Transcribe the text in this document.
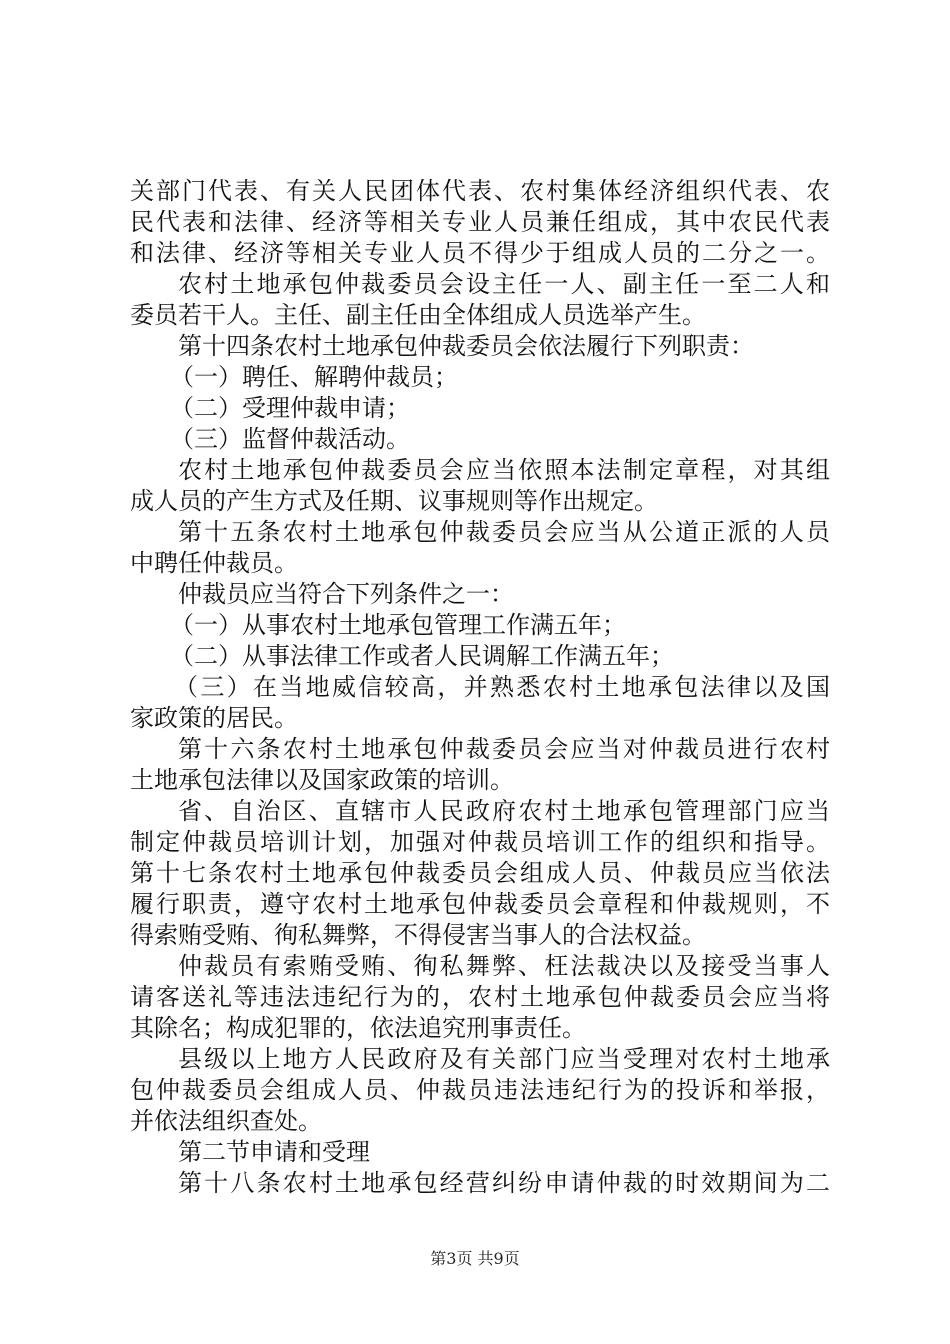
关部门代表、有关人民团体代表、农村集体经济组织代表、农
民代表和法律、经济等相关专业人员兼任组成，其中农民代表
和法律、经济等相关专业人员不得少于组成人员的二分之一。
农村土地承包仲裁委员会设主任一人、副主任一至二人和
委员若干人。主任、副主任由全体组成人员选举产生。
第十四条农村土地承包仲裁委员会依法履行下列职责：
（一）聘任、解聘仲裁员；
（二）受理仲裁申请；
（三）监督仲裁活动。
农村土地承包仲裁委员会应当依照本法制定章程，对其组
成人员的产生方式及任期、议事规则等作出规定。
第十五条农村土地承包仲裁委员会应当从公道正派的人员
中聘任仲裁员。
仲裁员应当符合下列条件之一：
（一）从事农村土地承包管理工作满五年；
（二）从事法律工作或者人民调解工作满五年；
（三）在当地威信较高，并熟悉农村土地承包法律以及国
家政策的居民。
第十六条农村土地承包仲裁委员会应当对仲裁员进行农村
土地承包法律以及国家政策的培训。
省、自治区、直辖市人民政府农村土地承包管理部门应当
制定仲裁员培训计划，加强对仲裁员培训工作的组织和指导。
第十七条农村土地承包仲裁委员会组成人员、仲裁员应当依法
履行职责，遵守农村土地承包仲裁委员会章程和仲裁规则，不
得索贿受贿、徇私舞弊，不得侵害当事人的合法权益。
仲裁员有索贿受贿、徇私舞弊、枉法裁决以及接受当事人
请客送礼等违法违纪行为的，农村土地承包仲裁委员会应当将
其除名；构成犯罪的，依法追究刑事责任。
县级以上地方人民政府及有关部门应当受理对农村土地承
包仲裁委员会组成人员、仲裁员违法违纪行为的投诉和举报，
并依法组织查处。
第二节申请和受理
第十八条农村土地承包经营纠纷申请仲裁的时效期间为二
第3页 共9页
